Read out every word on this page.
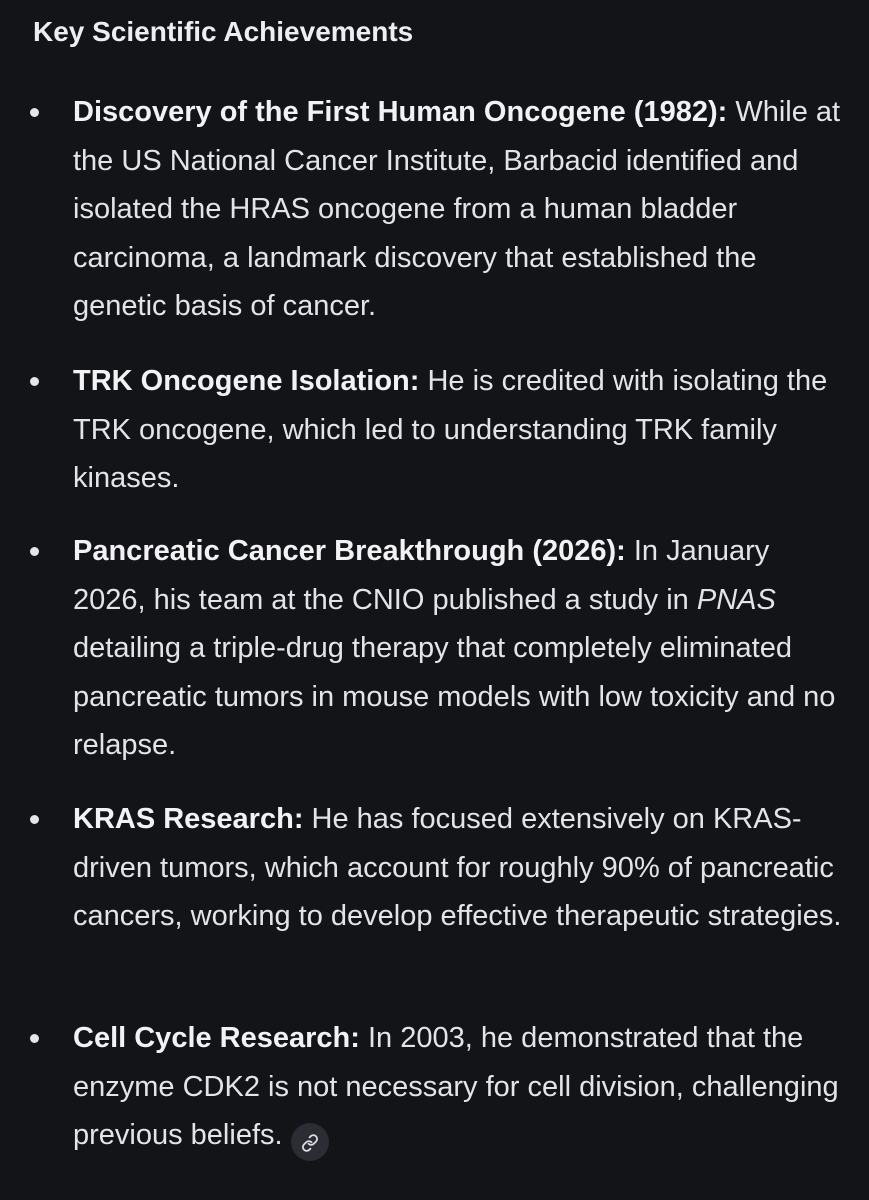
Key Scientific Achievements

Discovery of the First Human Oncogene (1982): While at the US National Cancer Institute, Barbacid identified and isolated the HRAS oncogene from a human bladder carcinoma, a landmark discovery that established the genetic basis of cancer.

TRK Oncogene Isolation: He is credited with isolating the TRK oncogene, which led to understanding TRK family kinases.

Pancreatic Cancer Breakthrough (2026): In January 2026, his team at the CNIO published a study in PNAS detailing a triple-drug therapy that completely eliminated pancreatic tumors in mouse models with low toxicity and no relapse.

KRAS Research: He has focused extensively on KRAS-driven tumors, which account for roughly 90% of pancreatic cancers, working to develop effective therapeutic strategies.

Cell Cycle Research: In 2003, he demonstrated that the enzyme CDK2 is not necessary for cell division, challenging previous beliefs.
